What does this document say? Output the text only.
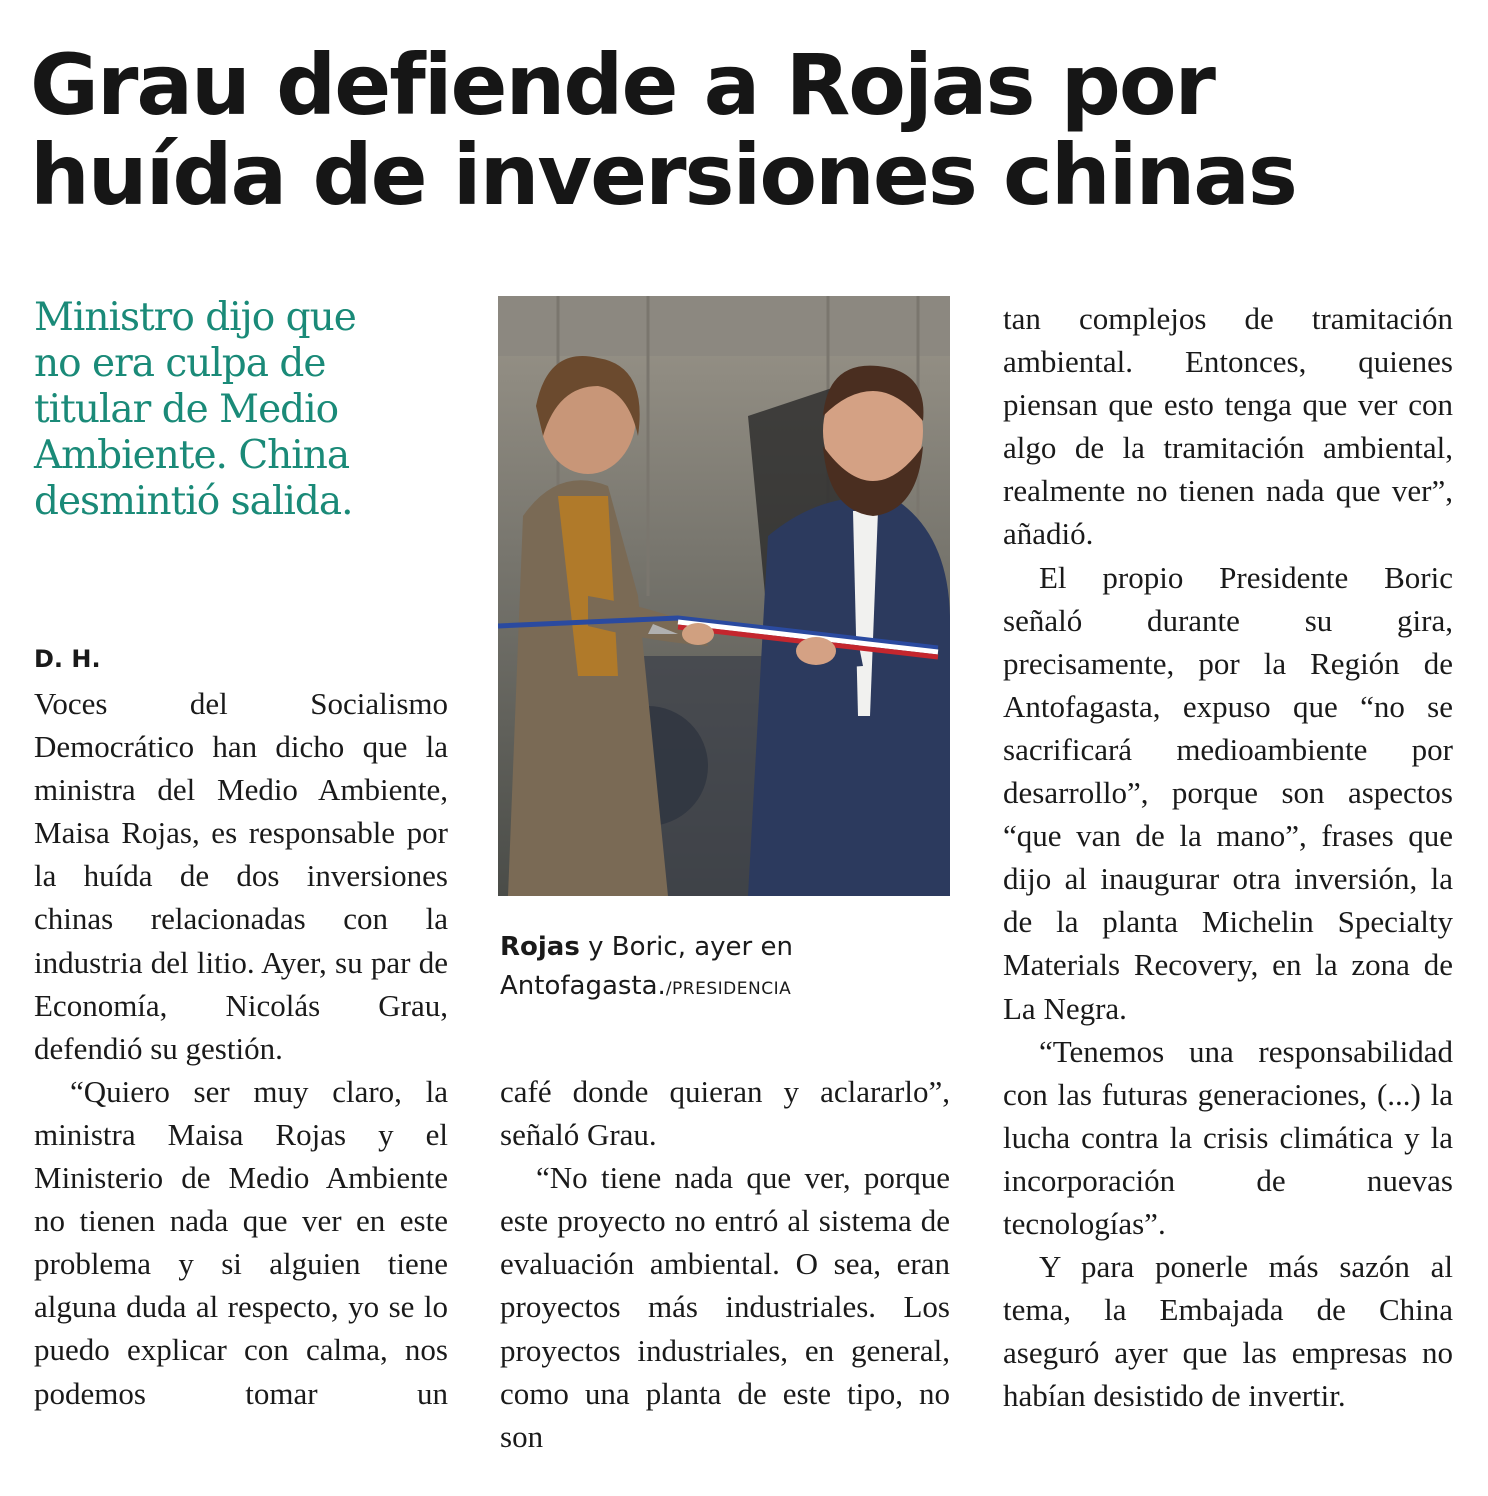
Grau defiende a Rojas por
huída de inversiones chinas
Ministro dijo que
no era culpa de
titular de Medio
Ambiente. China
desmintió salida.
D. H.

Voces del Socialismo Democrático han dicho que la ministra del Medio Ambiente, Maisa Rojas, es responsable por la huída de dos inversiones chinas relacionadas con la industria del litio. Ayer, su par de Economía, Nicolás Grau, defendió su gestión.

“Quiero ser muy claro, la ministra Maisa Rojas y el Ministerio de Medio Ambiente no tienen nada que ver en este problema y si alguien tiene alguna duda al respecto, yo se lo puedo explicar con calma, nos podemos tomar un

Rojas y Boric, ayer en Antofagasta./PRESIDENCIA

café donde quieran y aclararlo”, señaló Grau.

“No tiene nada que ver, porque este proyecto no entró al sistema de evaluación ambiental. O sea, eran proyectos más industriales. Los proyectos industriales, en general, como una planta de este tipo, no son

tan complejos de tramitación ambiental. Entonces, quienes piensan que esto tenga que ver con algo de la tramitación ambiental, realmente no tienen nada que ver”, añadió.

El propio Presidente Boric señaló durante su gira, precisamente, por la Región de Antofagasta, expuso que “no se sacrificará medioambiente por desarrollo”, porque son aspectos “que van de la mano”, frases que dijo al inaugurar otra inversión, la de la planta Michelin Specialty Materials Recovery, en la zona de La Negra.

“Tenemos una responsabilidad con las futuras generaciones, (...) la lucha contra la crisis climática y la incorporación de nuevas tecnologías”.

Y para ponerle más sazón al tema, la Embajada de China aseguró ayer que las empresas no habían desistido de invertir.
